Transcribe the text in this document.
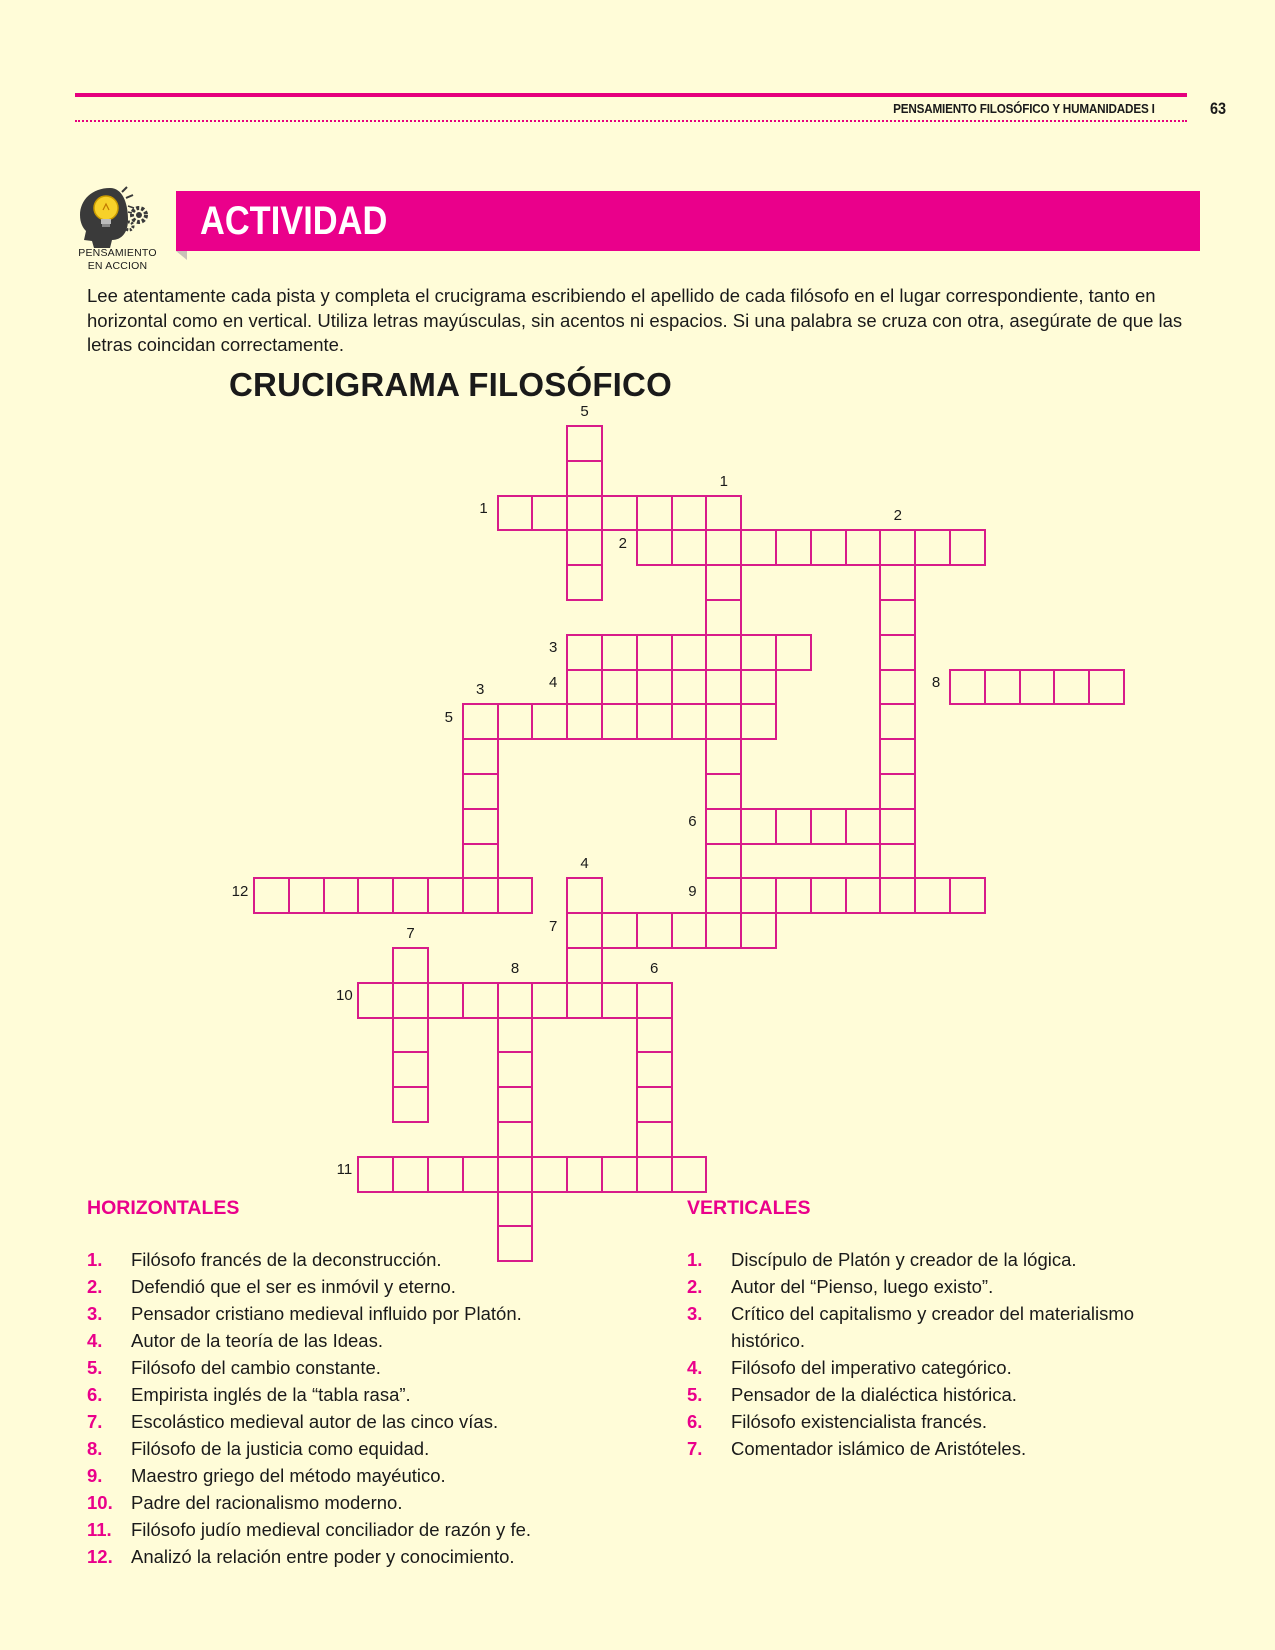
PENSAMIENTO FILOSÓFICO Y HUMANIDADES I	63
PENSAMIENTO
EN ACCION
ACTIVIDAD
Lee atentamente cada pista y completa el crucigrama escribiendo el apellido de cada filósofo en el lugar correspondiente, tanto en horizontal como en vertical. Utiliza letras mayúsculas, sin acentos ni espacios. Si una palabra se cruza con otra, asegúrate de que las letras coincidan correctamente.
CRUCIGRAMA FILOSÓFICO
1
2
3
4	8
5
6
12	9
7
10
11
5
1
2
3
4
7
8	6
HORIZONTALES
1. Filósofo francés de la deconstrucción.
2. Defendió que el ser es inmóvil y eterno.
3. Pensador cristiano medieval influido por Platón.
4. Autor de la teoría de las Ideas.
5. Filósofo del cambio constante.
6. Empirista inglés de la “tabla rasa”.
7. Escolástico medieval autor de las cinco vías.
8. Filósofo de la justicia como equidad.
9. Maestro griego del método mayéutico.
10. Padre del racionalismo moderno.
11. Filósofo judío medieval conciliador de razón y fe.
12. Analizó la relación entre poder y conocimiento.
VERTICALES
1. Discípulo de Platón y creador de la lógica.
2. Autor del “Pienso, luego existo”.
3. Crítico del capitalismo y creador del materialismo histórico.
4. Filósofo del imperativo categórico.
5. Pensador de la dialéctica histórica.
6. Filósofo existencialista francés.
7. Comentador islámico de Aristóteles.
